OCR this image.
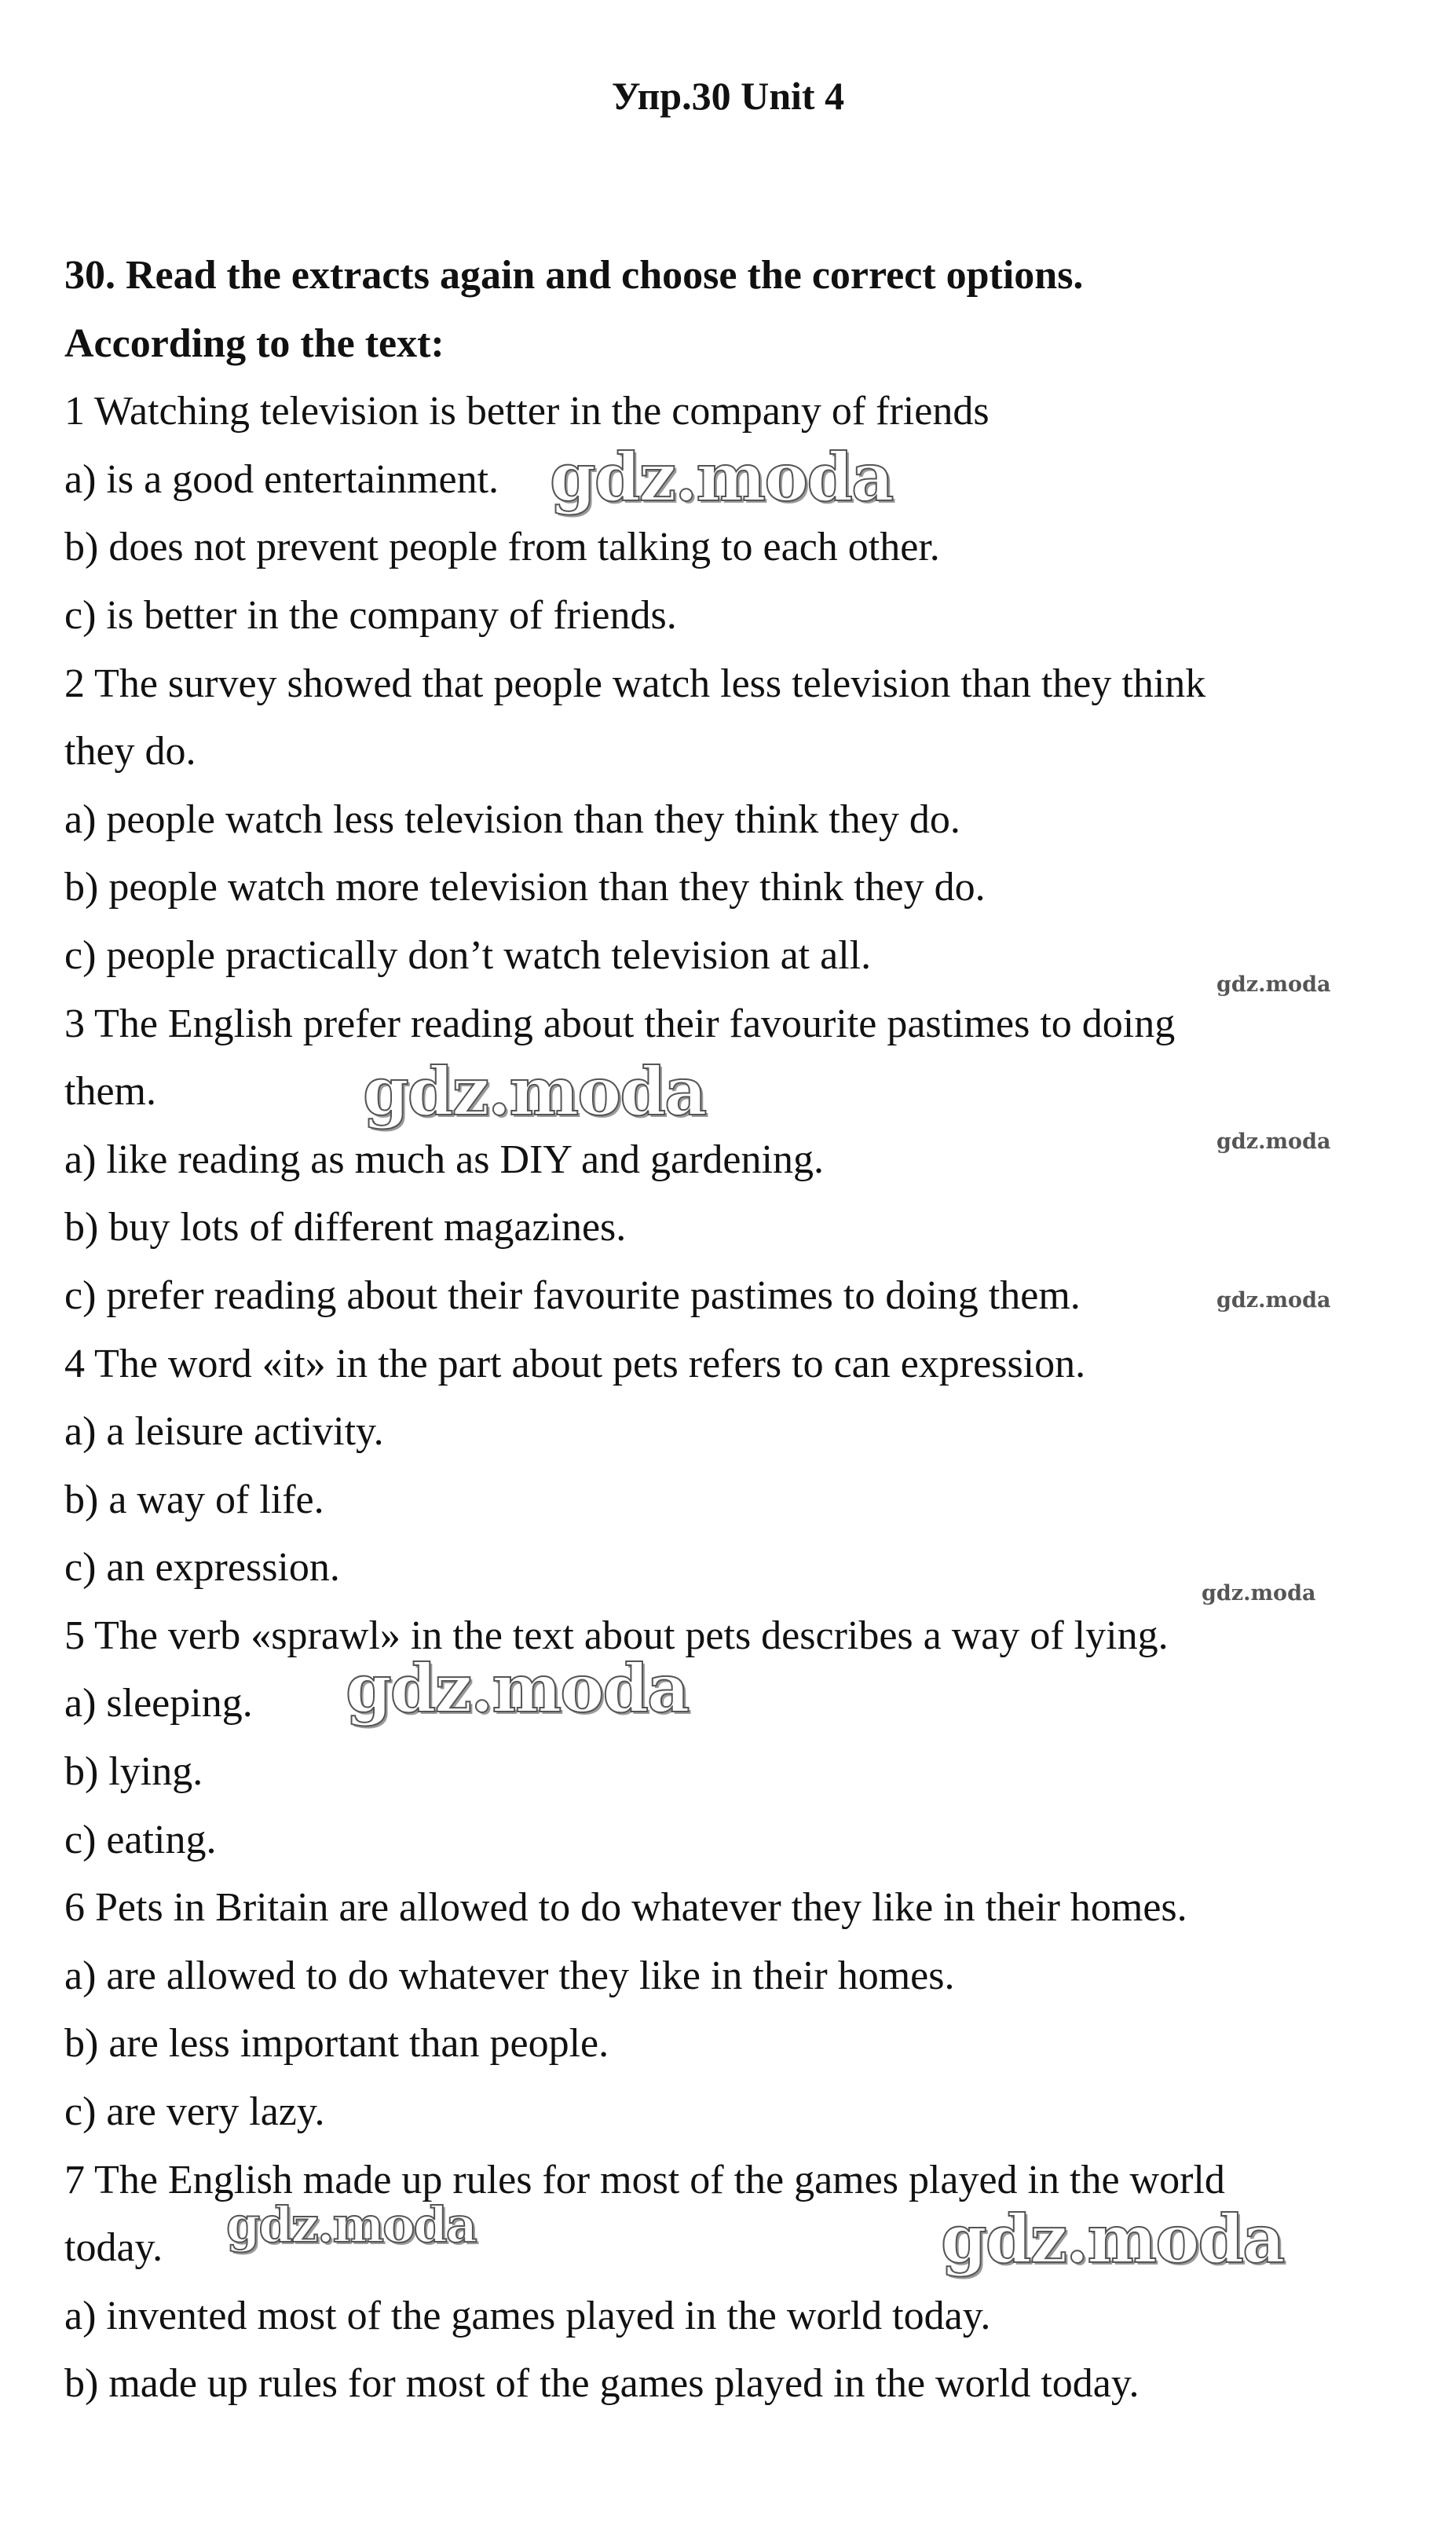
Упр.30 Unit 4
30. Read the extracts again and choose the correct options.
According to the text:
1 Watching television is better in the company of friends
a) is a good entertainment.
b) does not prevent people from talking to each other.
c) is better in the company of friends.
2 The survey showed that people watch less television than they think
they do.
a) people watch less television than they think they do.
b) people watch more television than they think they do.
c) people practically don’t watch television at all.
3 The English prefer reading about their favourite pastimes to doing
them.
a) like reading as much as DIY and gardening.
b) buy lots of different magazines.
c) prefer reading about their favourite pastimes to doing them.
4 The word «it» in the part about pets refers to can expression.
a) a leisure activity.
b) a way of life.
c) an expression.
5 The verb «sprawl» in the text about pets describes a way of lying.
a) sleeping.
b) lying.
c) eating.
6 Pets in Britain are allowed to do whatever they like in their homes.
a) are allowed to do whatever they like in their homes.
b) are less important than people.
c) are very lazy.
7 The English made up rules for most of the games played in the world
today.
a) invented most of the games played in the world today.
b) made up rules for most of the games played in the world today.
gdz.moda
gdz.moda
gdz.moda
gdz.moda
gdz.moda
gdz.moda
gdz.moda
gdz.moda	gdz.moda
